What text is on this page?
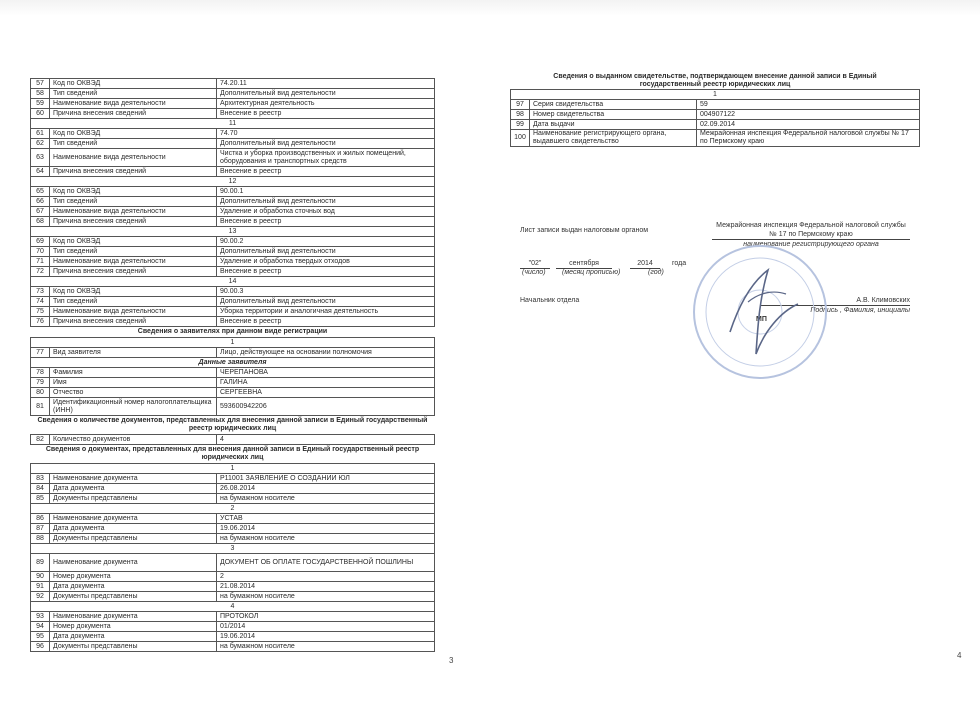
57	Код по ОКВЭД	74.20.11
58	Тип сведений	Дополнительный вид деятельности
59	Наименование вида деятельности	Архитектурная деятельность
60	Причина внесения сведений	Внесение в реестр
11		
61	Код по ОКВЭД	74.70
62	Тип сведений	Дополнительный вид деятельности
63	Наименование вида деятельности	Чистка и уборка производственных и жилых помещений, оборудования и транспортных средств
64	Причина внесения сведений	Внесение в реестр
12		
65	Код по ОКВЭД	90.00.1
66	Тип сведений	Дополнительный вид деятельности
67	Наименование вида деятельности	Удаление и обработка сточных вод
68	Причина внесения сведений	Внесение в реестр
13		
69	Код по ОКВЭД	90.00.2
70	Тип сведений	Дополнительный вид деятельности
71	Наименование вида деятельности	Удаление и обработка твердых отходов
72	Причина внесения сведений	Внесение в реестр
14		
73	Код по ОКВЭД	90.00.3
74	Тип сведений	Дополнительный вид деятельности
75	Наименование вида деятельности	Уборка территории и аналогичная деятельность
76	Причина внесения сведений	Внесение в реестр
Сведения о заявителях при данном виде регистрации
1		
77	Вид заявителя	Лицо, действующее на основании полномочия
Данные заявителя		
78	Фамилия	ЧЕРЕПАНОВА
79	Имя	ГАЛИНА
80	Отчество	СЕРГЕЕВНА
81	Идентификационный номер налогоплательщика (ИНН)	593600942206
Сведения о количестве документов, представленных для внесения данной записи в Единый государственный реестр юридических лиц
82	Количество документов	4
Сведения о документах, представленных для внесения данной записи в Единый государственный реестр юридических лиц
1		
83	Наименование документа	Р11001 ЗАЯВЛЕНИЕ О СОЗДАНИИ ЮЛ
84	Дата документа	26.08.2014
85	Документы представлены	на бумажном носителе
2		
86	Наименование документа	УСТАВ
87	Дата документа	19.06.2014
88	Документы представлены	на бумажном носителе
3		
89	Наименование документа	ДОКУМЕНТ ОБ ОПЛАТЕ ГОСУДАРСТВЕННОЙ ПОШЛИНЫ
90	Номер документа	2
91	Дата документа	21.08.2014
92	Документы представлены	на бумажном носителе
4		
93	Наименование документа	ПРОТОКОЛ
94	Номер документа	01/2014
95	Дата документа	19.06.2014
96	Документы представлены	на бумажном носителе
3
Сведения о выданном свидетельстве, подтверждающем внесение данной записи в Единый государственный реестр юридических лиц
1		
97	Серия свидетельства	59
98	Номер свидетельства	004907122
99	Дата выдачи	02.09.2014
100	Наименование регистрирующего органа, выдавшего свидетельство	Межрайонная инспекция Федеральной налоговой службы № 17 по Пермскому краю
Лист записи выдан налоговым органом
Межрайонная инспекция Федеральной налоговой службы № 17 по Пермскому краю
наименование регистрирующего органа
"02"	сентября	2014	года
(число) (месяц прописью)	(год)
Начальник отдела	А.В. Климовских
Подпись , Фамилия, инициалы
МП
4
